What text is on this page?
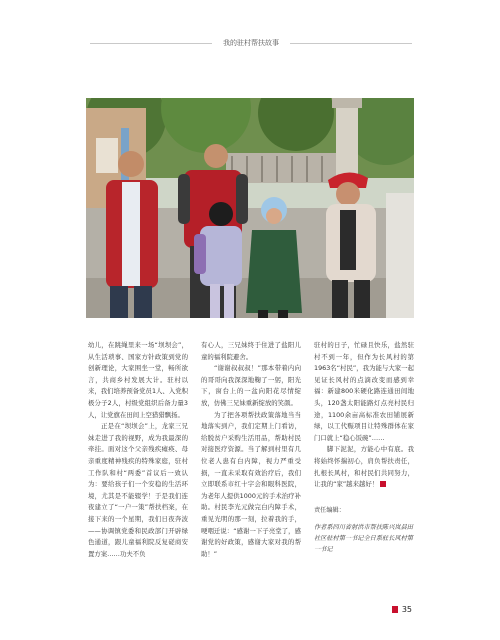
我的驻村帮扶故事

幼儿，在跳绳里来一场“坝坝会”，从生活琐事、国家方针政策到党的创新理论，大家围坐一堂，畅所欲言，共商乡村发展大计。驻村以来，我们培养预备党员1人、入党积极分子2人，村级党组织后备力量3人，让党旗在田间上空猎猎飘扬。

正是在“坝坝会”上，龙家三兄妹走进了我的视野，成为我最深的牵挂。面对这个父亲残疾瘫痪、母亲重度精神残疾的特殊家庭，驻村工作队和村“两委”首议后一致认为：要给孩子们一个安稳的生活环境，尤其是不能辍学！于是我们连夜建立了“一户一策”帮扶档案，在接下来的一个星期，我们日夜奔波——协调镇党委和民政部门开辟绿色通道，跟儿童福利院反复磋商安置方案……功夫不负

有心人，三兄妹终于住进了盐阳儿童的福利院避舍。

“谢谢叔叔叔！”那本带着内向的哥哥向我深深地鞠了一躬，阳光下，窗台上的一盆向阳花尽情绽放，仿佛三兄妹重新绽放的笑颜。

为了把各项帮扶政策落地当当地落实到户，我们定期上门看访，给脱贫户采购生活用品，帮助村民对接医疗资源。当了解到村里有几位老人患有白内障，视力严重受损，一直未采取有效治疗后，我们立即联系市红十字会和眼科医院，为老年人提供1000元的手术治疗补助。村民李光元做完白内障手术，重见光明的那一刻，拉着我的手，哽咽迁说：“感谢一下子亮堂了，感谢党的好政策，感谢大家对我的帮助！”

驻村的日子，忙碌且快乐，盐然驻村不到一年，但作为长风村的第1963名“村民”，我为能与大家一起见证长风村的点滴改变而感到幸福：新建800米硬化路连通田间地头，120盏太阳能路灯点亮村民归途，1100余亩高标准农田铺展新绿，以工代赈项目让特殊群体在家门口就上“稳心饭碗”……

脚下泥泥，方能心中有底。我将始终怀揣初心，肩负帮扶责任，扎根长风村，和村民们共同努力，让我的“家”越来越好！

责任编辑：
作者系四川省射洪市帮扶陈兴岚县田社区驻村第一书记全日系驻长风村第一书记
35
